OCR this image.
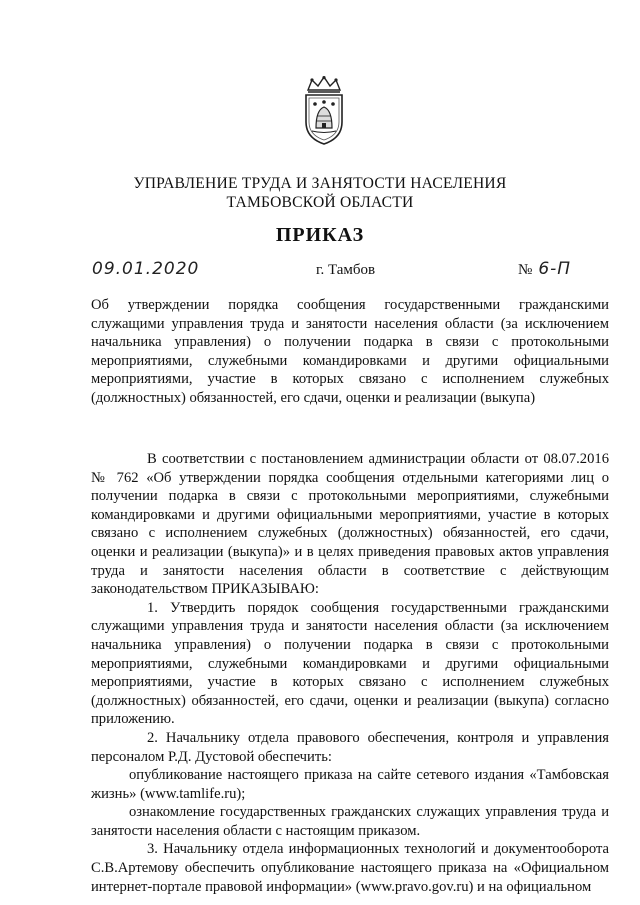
УПРАВЛЕНИЕ ТРУДА И ЗАНЯТОСТИ НАСЕЛЕНИЯ
ТАМБОВСКОЙ ОБЛАСТИ
ПРИКАЗ
09.01.2020	г. Тамбов	№ 6-П
Об утверждении порядка сообщения государственными гражданскими служащими управления труда и занятости населения области (за исключением начальника управления) о получении подарка в связи с протокольными мероприятиями, служебными командировками и другими официальными мероприятиями, участие в которых связано с исполнением служебных (должностных) обязанностей, его сдачи, оценки и реализации (выкупа)

В соответствии с постановлением администрации области от 08.07.2016 № 762 «Об утверждении порядка сообщения отдельными категориями лиц о получении подарка в связи с протокольными мероприятиями, служебными командировками и другими официальными мероприятиями, участие в которых связано с исполнением служебных (должностных) обязанностей, его сдачи, оценки и реализации (выкупа)» и в целях приведения правовых актов управления труда и занятости населения области в соответствие с действующим законодательством ПРИКАЗЫВАЮ:

1. Утвердить порядок сообщения государственными гражданскими служащими управления труда и занятости населения области (за исключением начальника управления) о получении подарка в связи с протокольными мероприятиями, служебными командировками и другими официальными мероприятиями, участие в которых связано с исполнением служебных (должностных) обязанностей, его сдачи, оценки и реализации (выкупа) согласно приложению.

2. Начальнику отдела правового обеспечения, контроля и управления персоналом Р.Д. Дустовой обеспечить:

опубликование настоящего приказа на сайте сетевого издания «Тамбовская жизнь» (www.tamlife.ru);

ознакомление государственных гражданских служащих управления труда и занятости населения области с настоящим приказом.

3. Начальнику отдела информационных технологий и документооборота С.В.Артемову обеспечить опубликование настоящего приказа на «Официальном интернет-портале правовой информации» (www.pravo.gov.ru) и на официальном
